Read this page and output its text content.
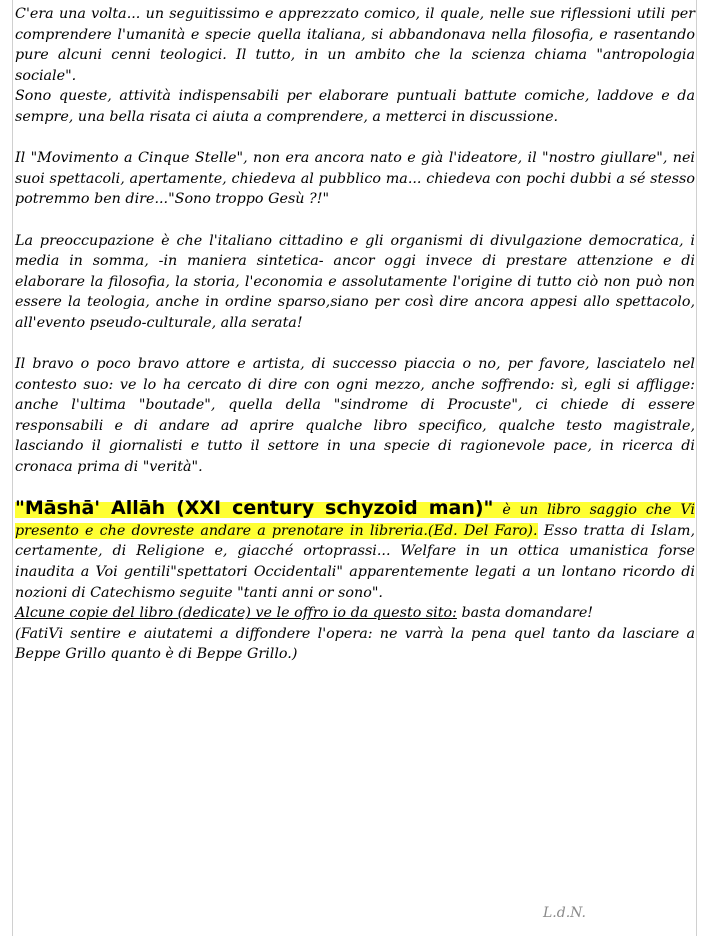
C'era una volta... un seguitissimo e apprezzato comico, il quale, nelle sue riflessioni utili per comprendere l'umanità e specie quella italiana, si abbandonava nella filosofia, e rasentando pure alcuni cenni teologici. Il tutto, in un ambito che la scienza chiama "antropologia sociale".

Sono queste, attività indispensabili per elaborare puntuali battute comiche, laddove e da sempre, una bella risata ci aiuta a comprendere, a metterci in discussione.

Il "Movimento a Cinque Stelle", non era ancora nato e già l'ideatore, il "nostro giullare", nei suoi spettacoli, apertamente, chiedeva al pubblico ma... chiedeva con pochi dubbi a sé stesso potremmo ben dire..."Sono troppo Gesù ?!"

La preoccupazione è che l'italiano cittadino e gli organismi di divulgazione democratica, i media in somma, -in maniera sintetica- ancor oggi invece di prestare attenzione e di elaborare la filosofia, la storia, l'economia e assolutamente l'origine di tutto ciò non può non essere la teologia, anche in ordine sparso,siano per così dire ancora appesi allo spettacolo, all'evento pseudo-culturale, alla serata!

Il bravo o poco bravo attore e artista, di successo piaccia o no, per favore, lasciatelo nel contesto suo: ve lo ha cercato di dire con ogni mezzo, anche soffrendo: sì, egli si affligge: anche l'ultima "boutade", quella della "sindrome di Procuste", ci chiede di essere responsabili e di andare ad aprire qualche libro specifico, qualche testo magistrale, lasciando il giornalisti e tutto il settore in una specie di ragionevole pace, in ricerca di cronaca prima di "verità".

"Māshā' Allāh (XXI century schyzoid man)" è un libro saggio che Vi presento e che dovreste andare a prenotare in libreria.(Ed. Del Faro). Esso tratta di Islam, certamente, di Religione e, giacché ortoprassi... Welfare in un ottica umanistica forse inaudita a Voi gentili"spettatori Occidentali" apparentemente legati a un lontano ricordo di nozioni di Catechismo seguite "tanti anni or sono".

Alcune copie del libro (dedicate) ve le offro io da questo sito: basta domandare!

(FatiVi sentire e aiutatemi a diffondere l'opera: ne varrà la pena quel tanto da lasciare a Beppe Grillo quanto è di Beppe Grillo.)

L.d.N.
